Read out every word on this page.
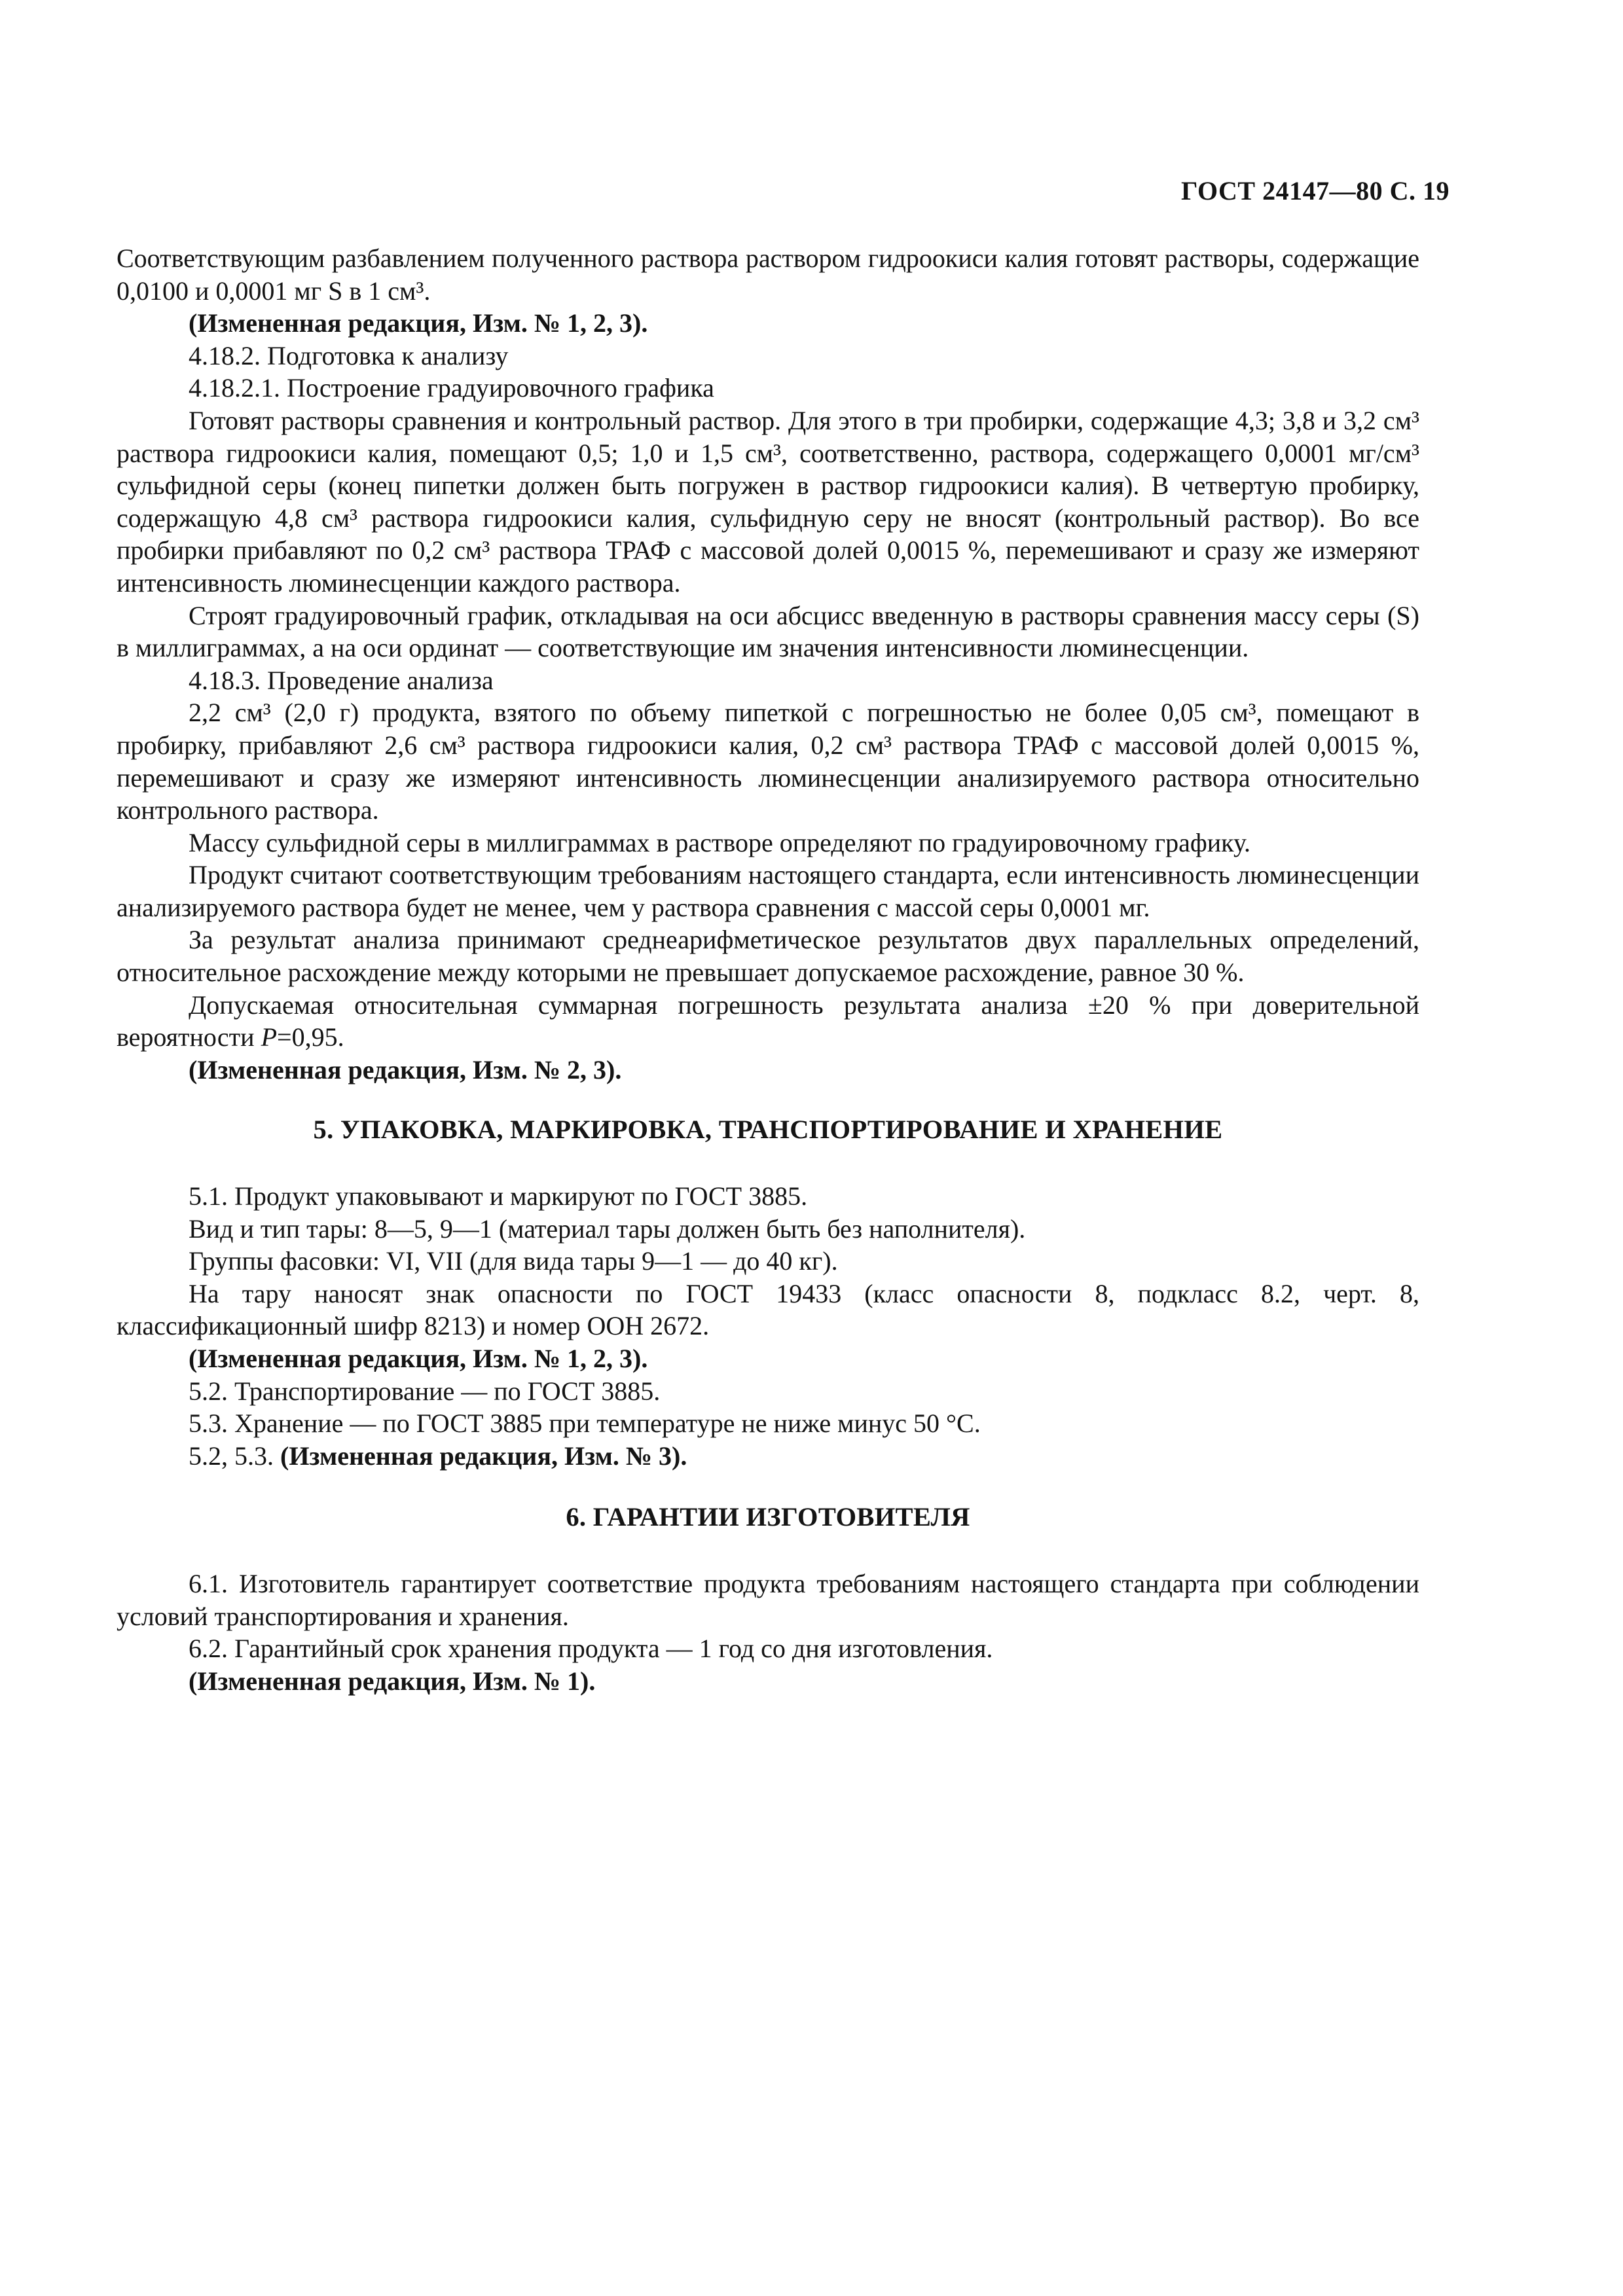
ГОСТ 24147—80 С. 19

Соответствующим разбавлением полученного раствора раствором гидроокиси калия готовят растворы, содержащие 0,0100 и 0,0001 мг S в 1 см³.

(Измененная редакция, Изм. № 1, 2, 3).

4.18.2. Подготовка к анализу

4.18.2.1. Построение градуировочного графика

Готовят растворы сравнения и контрольный раствор. Для этого в три пробирки, содержащие 4,3; 3,8 и 3,2 см³ раствора гидроокиси калия, помещают 0,5; 1,0 и 1,5 см³, соответственно, раствора, содержащего 0,0001 мг/см³ сульфидной серы (конец пипетки должен быть погружен в раствор гидроокиси калия). В четвертую пробирку, содержащую 4,8 см³ раствора гидроокиси калия, сульфидную серу не вносят (контрольный раствор). Во все пробирки прибавляют по 0,2 см³ раствора ТРАФ с массовой долей 0,0015 %, перемешивают и сразу же измеряют интенсивность люминесценции каждого раствора.

Строят градуировочный график, откладывая на оси абсцисс введенную в растворы сравнения массу серы (S) в миллиграммах, а на оси ординат — соответствующие им значения интенсивности люминесценции.

4.18.3. Проведение анализа

2,2 см³ (2,0 г) продукта, взятого по объему пипеткой с погрешностью не более 0,05 см³, помещают в пробирку, прибавляют 2,6 см³ раствора гидроокиси калия, 0,2 см³ раствора ТРАФ с массовой долей 0,0015 %, перемешивают и сразу же измеряют интенсивность люминесценции анализируемого раствора относительно контрольного раствора.

Массу сульфидной серы в миллиграммах в растворе определяют по градуировочному графику.

Продукт считают соответствующим требованиям настоящего стандарта, если интенсивность люминесценции анализируемого раствора будет не менее, чем у раствора сравнения с массой серы 0,0001 мг.

За результат анализа принимают среднеарифметическое результатов двух параллельных определений, относительное расхождение между которыми не превышает допускаемое расхождение, равное 30 %.

Допускаемая относительная суммарная погрешность результата анализа ±20 % при доверительной вероятности P=0,95.

(Измененная редакция, Изм. № 2, 3).

5. УПАКОВКА, МАРКИРОВКА, ТРАНСПОРТИРОВАНИЕ И ХРАНЕНИЕ

5.1. Продукт упаковывают и маркируют по ГОСТ 3885.

Вид и тип тары: 8—5, 9—1 (материал тары должен быть без наполнителя).

Группы фасовки: VI, VII (для вида тары 9—1 — до 40 кг).

На тару наносят знак опасности по ГОСТ 19433 (класс опасности 8, подкласс 8.2, черт. 8, классификационный шифр 8213) и номер ООН 2672.

(Измененная редакция, Изм. № 1, 2, 3).

5.2. Транспортирование — по ГОСТ 3885.

5.3. Хранение — по ГОСТ 3885 при температуре не ниже минус 50 °С.

5.2, 5.3. (Измененная редакция, Изм. № 3).

6. ГАРАНТИИ ИЗГОТОВИТЕЛЯ

6.1. Изготовитель гарантирует соответствие продукта требованиям настоящего стандарта при соблюдении условий транспортирования и хранения.

6.2. Гарантийный срок хранения продукта — 1 год со дня изготовления.

(Измененная редакция, Изм. № 1).
